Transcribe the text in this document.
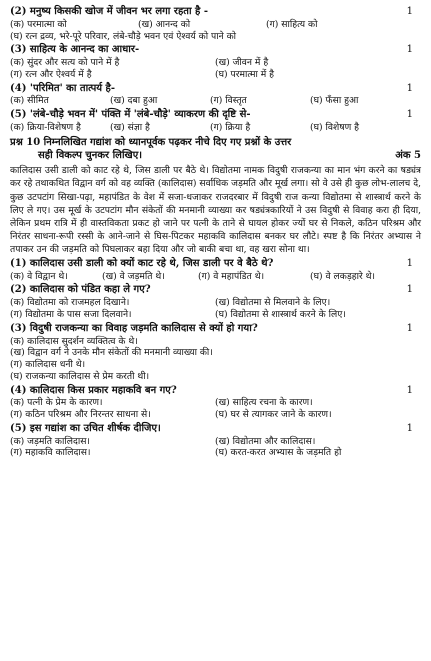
(2) मनुष्य किसकी खोज में जीवन भर लगा रहता है -	1
(क) परमात्मा को	(ख) आनन्द को	(ग) साहित्य को
(घ) रत्न द्रव्य, भरे-पूरे परिवार, लंबे-चौड़े भवन एवं ऐश्वर्य को पाने को
(3) साहित्य के आनन्द का आधार-	1
(क) सुंदर और सत्य को पाने में है	(ख) जीवन में है
(ग) रत्न और ऐश्वर्य में है	(घ) परमात्मा में है
(4) 'परिमित' का तात्पर्य है-	1
(क) सीमित	(ख) दबा हुआ	(ग) विस्तृत	(घ) फँसा हुआ
(5) 'लंबे-चौड़े भवन में' पंक्ति में 'लंबे-चौड़े' व्याकरण की दृष्टि से-	1
(क) क्रिया-विशेषण है	(ख) संज्ञा है	(ग) क्रिया है	(घ) विशेषण है
प्रश्न 10 निम्नलिखित गद्यांश को ध्यानपूर्वक पढ़कर नीचे दिए गए प्रश्नों के उत्तर
सही विकल्प चुनकर लिखिए।	अंक 5
कालिदास उसी डाली को काट रहे थे, जिस डाली पर बैठे थे। विद्योतमा नामक विदुषी राजकन्या का मान भंग करने का षड्यंत्र कर रहे तथाकथित विद्वान वर्ग को वह व्यक्ति (कालिदास) सर्वाधिक जड़मति और मूर्ख लगा। सो वे उसे ही कुछ लोभ-लालच दे, कुछ उटपटांग सिखा-पढ़ा, महापंडित के वेश में सजा-धजाकर राजदरबार में विदुषी राज कन्या विद्योतमा से शास्त्रार्थ करने के लिए ले गए। उस मूर्ख के उटपटांग मौन संकेतों की मनमानी व्याख्या कर षड्यंत्रकारियों ने उस विदुषी से विवाह करा ही दिया, लेकिन प्रथम रात्रि में ही वास्तविकता प्रकट हो जाने पर पत्नी के ताने से घायल होकर ज्यों घर से निकले, कठिन परिश्रम और निरंतर साधना-रूपी रस्सी के आने-जाने से घिस-पिटकर महाकवि कालिदास बनकर घर लौटे। स्पष्ट है कि निरंतर अभ्यास ने तपाकर उन की जड़मति को पिघलाकर बहा दिया और जो बाकी बचा था, वह खरा सोना था।
(1) कालिदास उसी डाली को क्यों काट रहे थे, जिस डाली पर वे बैठे थे?	1
(क) वे विद्वान थे।	(ख) वे जड़मति थे।	(ग) वे महापंडित थे।	(घ) वे लकड़हारे थे।
(2) कालिदास को पंडित कहा ले गए?	1
(क) विद्योतमा को राजमहल दिखाने।	(ख) विद्योतमा से मिलवाने के लिए।
(ग) विद्योतमा के पास सजा दिलवाने।	(घ) विद्योतमा से शास्त्रार्थ करने के लिए।
(3) विदुषी राजकन्या का विवाह जड़मति कालिदास से क्यों हो गया?	1
(क) कालिदास सुदर्शन व्यक्तित्व के थे।
(ख) विद्वान वर्ग ने उनके मौन संकेतों की मनमानी व्याख्या की।
(ग) कालिदास धनी थे।
(घ) राजकन्या कालिदास से प्रेम करती थी।
(4) कालिदास किस प्रकार महाकवि बन गए?	1
(क) पत्नी के प्रेम के कारण।	(ख) साहित्य रचना के कारण।
(ग) कठिन परिश्रम और निरन्तर साधना से।	(घ) घर से त्यागकर जाने के कारण।
(5) इस गद्यांश का उचित शीर्षक दीजिए।	1
(क) जड़मति कालिदास।	(ख) विद्योतमा और कालिदास।
(ग) महाकवि कालिदास।	(घ) करत-करत अभ्यास के जड़मति हो
